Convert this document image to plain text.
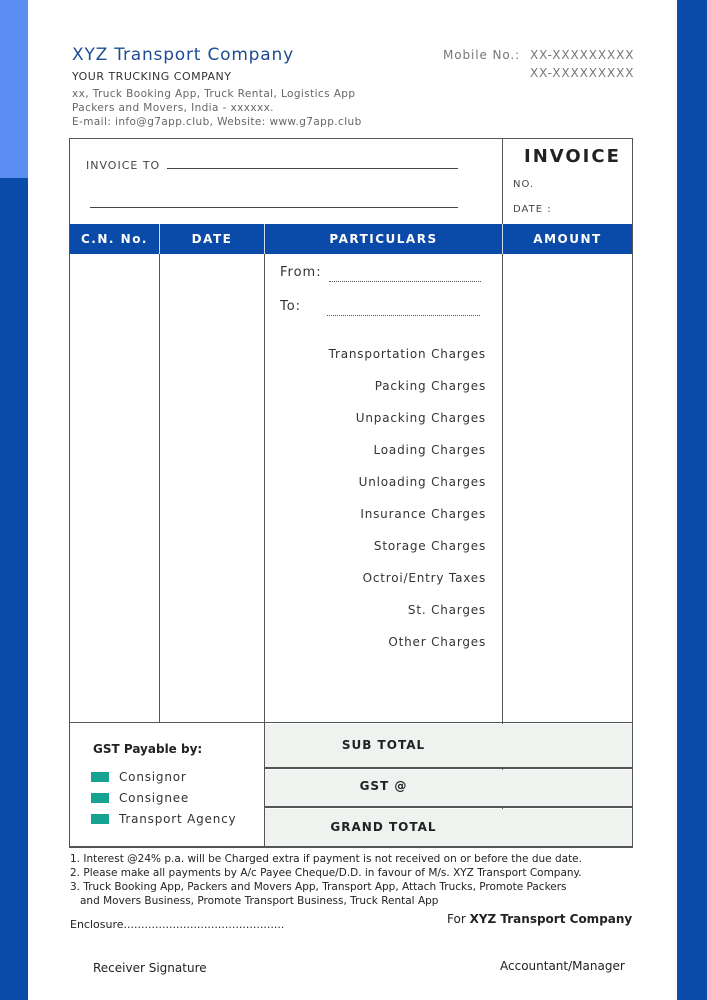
XYZ Transport Company
YOUR TRUCKING COMPANY
xx, Truck Booking App, Truck Rental, Logistics App
Packers and Movers, India - xxxxxx.
E-mail: info@g7app.club, Website: www.g7app.club
Mobile No.: XX-XXXXXXXXX
XX-XXXXXXXXX
INVOICE TO	INVOICE
NO.
DATE :
C.N. No.	DATE	PARTICULARS	AMOUNT
From:
To:
Transportation Charges
Packing Charges
Unpacking Charges
Loading Charges
Unloading Charges
Insurance Charges
Storage Charges
Octroi/Entry Taxes
St. Charges
Other Charges
SUB TOTAL
GST @
GRAND TOTAL
GST Payable by:
Consignor
Consignee
Transport Agency
1. Interest @24% p.a. will be Charged extra if payment is not received on or before the due date.
2. Please make all payments by A/c Payee Cheque/D.D. in favour of M/s. XYZ Transport Company.
3. Truck Booking App, Packers and Movers App, Transport App, Attach Trucks, Promote Packers
and Movers Business, Promote Transport Business, Truck Rental App
For XYZ Transport Company
Enclosure..............................................
Receiver Signature	Accountant/Manager
